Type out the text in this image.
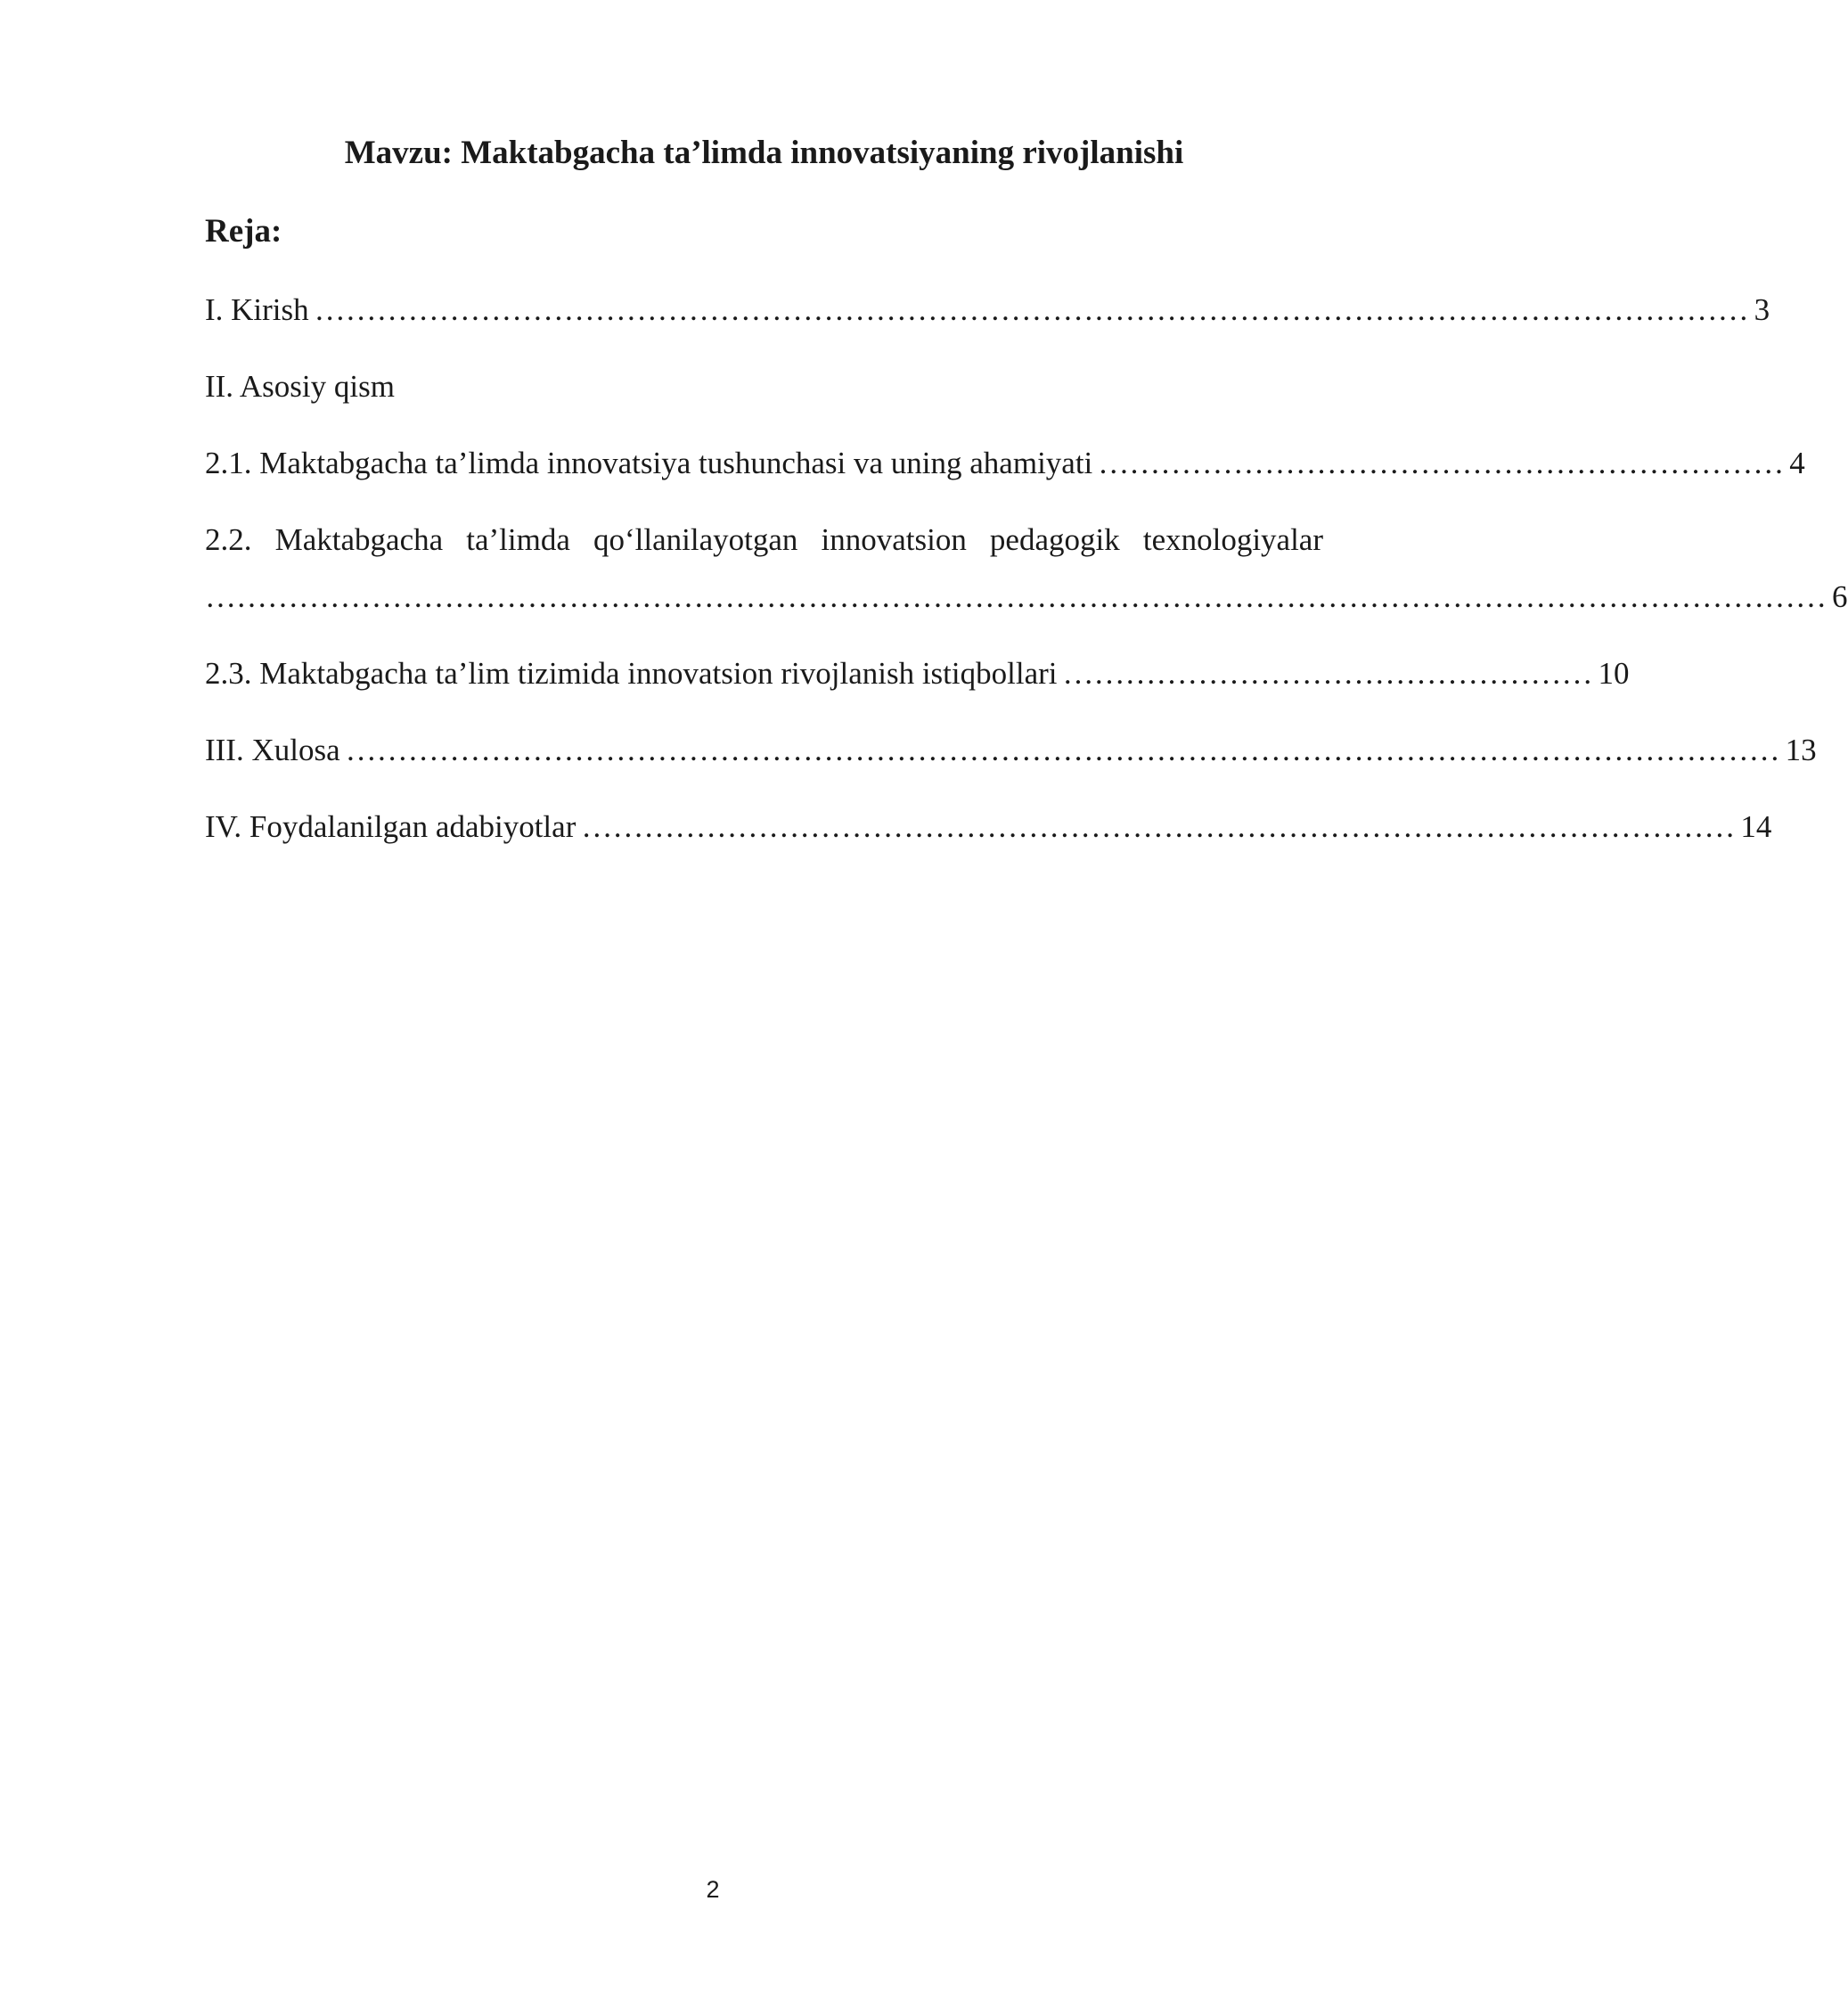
Mavzu: Maktabgacha ta’limda innovatsiyaning rivojlanishi
Reja:
I. Kirish ………………………………………………………………………………………………………………………… 3
II. Asosiy qism
2.1. Maktabgacha ta’limda innovatsiya tushunchasi va uning ahamiyati ………………………………………………………… 4
2.2. Maktabgacha ta’limda qo‘llanilayotgan innovatsion pedagogik texnologiyalar
………………………………………………………………………………………………………………………………………… 6
2.3. Maktabgacha ta’lim tizimida innovatsion rivojlanish istiqbollari …………………………………………… 10
III. Xulosa ………………………………………………………………………………………………………………………… 13
IV. Foydalanilgan adabiyotlar ………………………………………………………………………………………………… 14
2
